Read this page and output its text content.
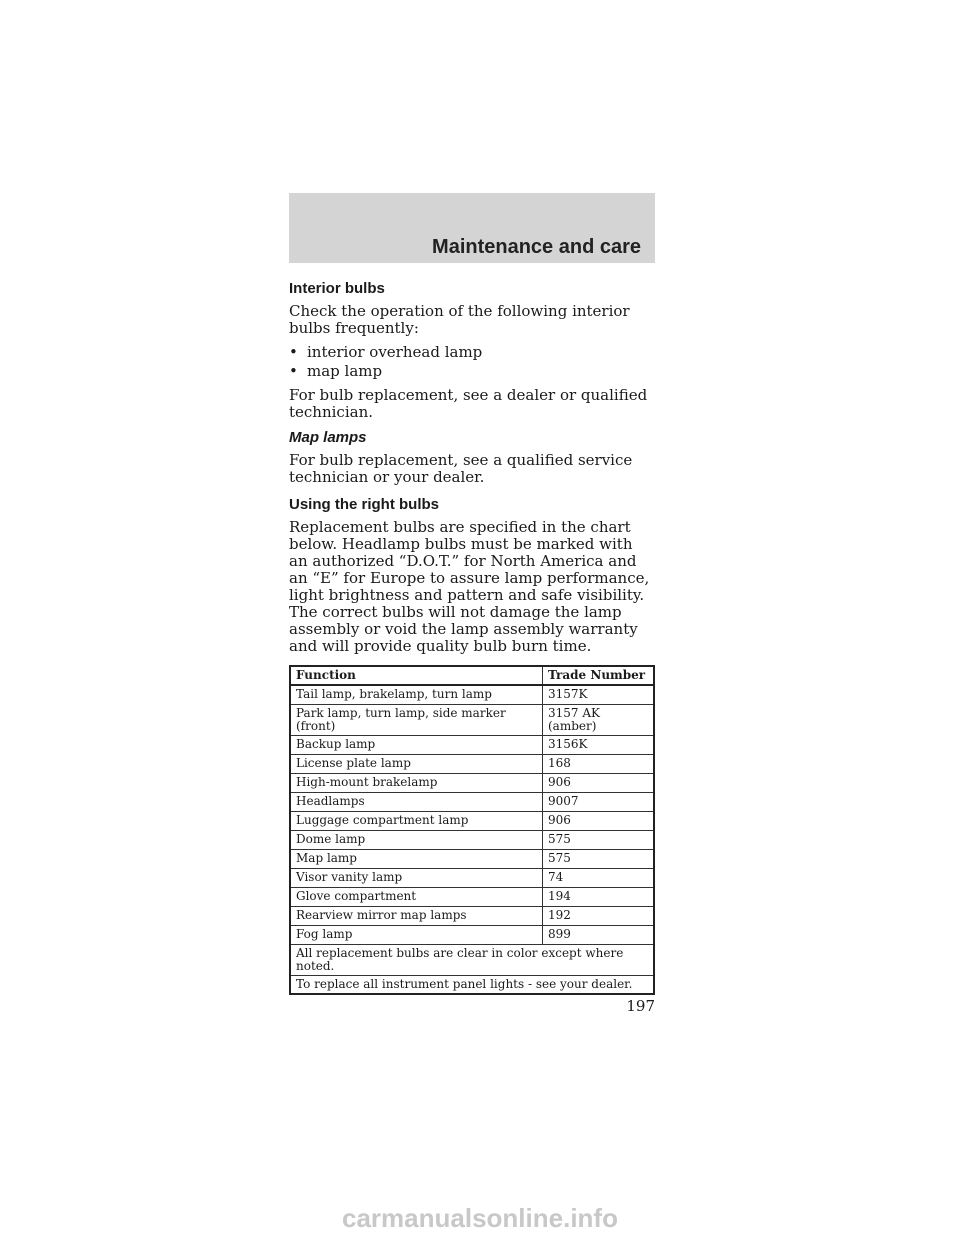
Maintenance and care
Interior bulbs

Check the operation of the following interior bulbs frequently:

• interior overhead lamp
• map lamp

For bulb replacement, see a dealer or qualified technician.

Map lamps

For bulb replacement, see a qualified service technician or your dealer.

Using the right bulbs

Replacement bulbs are specified in the chart below. Headlamp bulbs must be marked with an authorized “D.O.T.” for North America and an “E” for Europe to assure lamp performance, light brightness and pattern and safe visibility. The correct bulbs will not damage the lamp assembly or void the lamp assembly warranty and will provide quality bulb burn time.

Function	Trade Number
Tail lamp, brakelamp, turn lamp	3157K
Park lamp, turn lamp, side marker (front)	3157 AK (amber)
Backup lamp	3156K
License plate lamp	168
High-mount brakelamp	906
Headlamps	9007
Luggage compartment lamp	906
Dome lamp	575
Map lamp	575
Visor vanity lamp	74
Glove compartment	194
Rearview mirror map lamps	192
Fog lamp	899
All replacement bulbs are clear in color except where noted.	
To replace all instrument panel lights - see your dealer.	
197
carmanualsonline.info
